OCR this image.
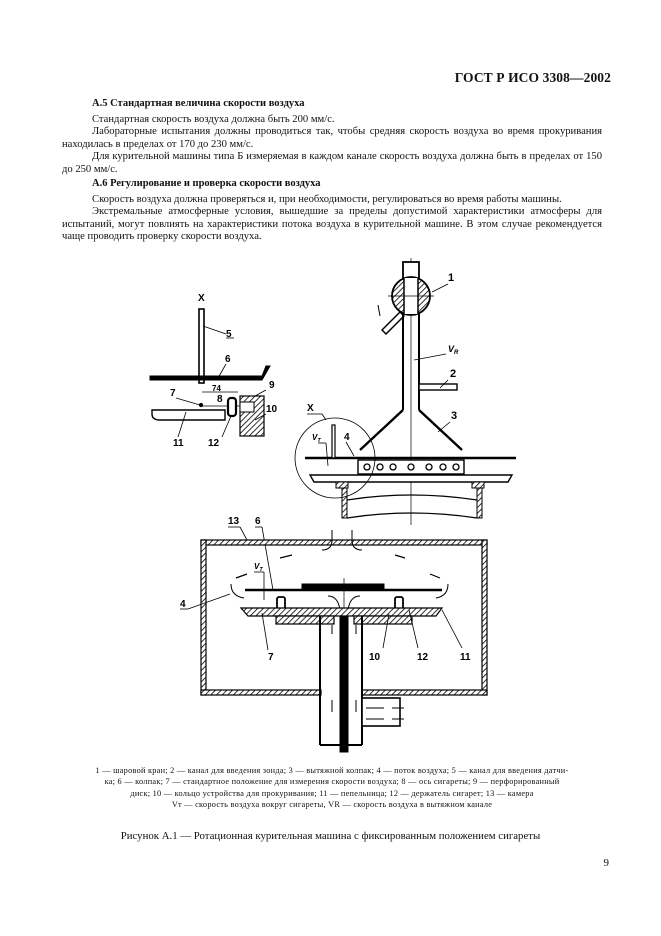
ГОСТ Р ИСО 3308—2002
А.5 Стандартная величина скорости воздуха

Стандартная скорость воздуха должна быть 200 мм/с.

Лабораторные испытания должны проводиться так, чтобы средняя скорость воздуха во время прокуривания находилась в пределах от 170 до 230 мм/с.

Для курительной машины типа Б измеряемая в каждом канале скорость воздуха должна быть в пределах от 150 до 250 мм/с.

А.6 Регулирование и проверка скорости воздуха

Скорость воздуха должна проверяться и, при необходимости, регулироваться во время работы машины.

Экстремальные атмосферные условия, вышедшие за пределы допустимой характеристики атмосферы для испытаний, могут повлиять на характеристики потока воздуха в курительной машине. В этом случае рекомендуется чаще проводить проверку скорости воздуха.

X
5
6
74
7
8
9
10
11 12
1
$V_R$
2
3
X
$V_T$ 4
13 6
$V_T$
4
7	10	12	11
1 — шаровой кран; 2 — канал для введения зонда; 3 — вытяжной колпак; 4 — поток воздуха; 5 — канал для введения датчи-
ка; 6 — колпак; 7 — стандартное положение для измерения скорости воздуха; 8 — ось сигареты; 9 — перфорированный
диск; 10 — кольцо устройства для прокуривания; 11 — пепельница; 12 — держатель сигарет; 13 — камера
Vт — скорость воздуха вокруг сигареты, VR — скорость воздуха в вытяжном канале
Рисунок А.1 — Ротационная курительная машина с фиксированным положением сигареты
9
